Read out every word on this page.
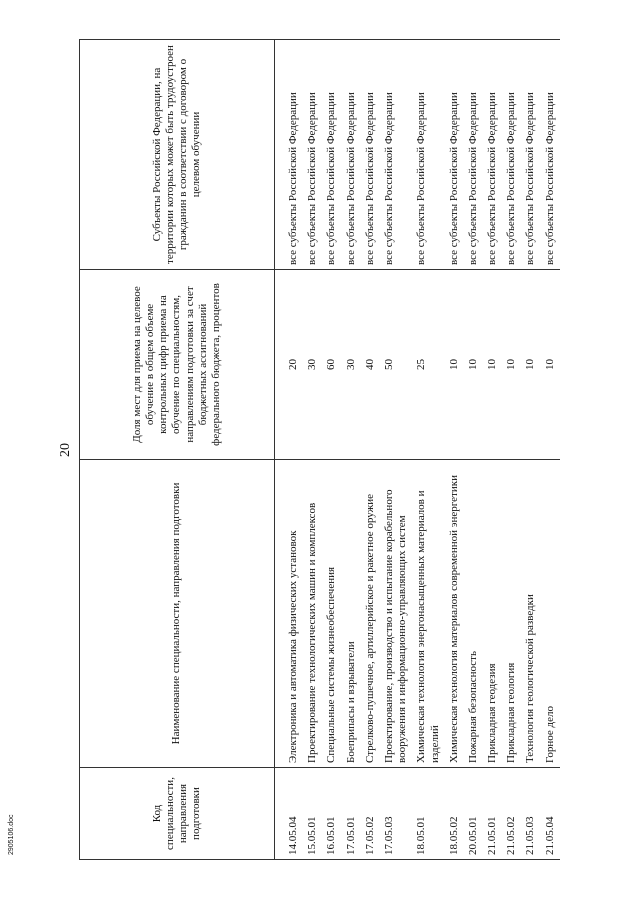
20
Код специальности, направления подготовки	Наименование специальности, направления подготовки	Доля мест для приема на целевое обучение в общем объеме контрольных цифр приема на обучение по специальностям, направлениям подготовки за счет бюджетных ассигнований федерального бюджета, процентов	Субъекты Российской Федерации, на территории которых может быть трудоустроен гражданин в соответствии с договором о целевом обучении
14.05.04	Электроника и автоматика физических установок	20	все субъекты Российской Федерации
15.05.01	Проектирование технологических машин и комплексов	30	все субъекты Российской Федерации
16.05.01	Специальные системы жизнеобеспечения	60	все субъекты Российской Федерации
17.05.01	Боеприпасы и взрыватели	30	все субъекты Российской Федерации
17.05.02	Стрелково-пушечное, артиллерийское и ракетное оружие	40	все субъекты Российской Федерации
17.05.03	Проектирование, производство и испытание корабельного вооружения и информационно-управляющих систем	50	все субъекты Российской Федерации
18.05.01	Химическая технология энергонасыщенных материалов и изделий	25	все субъекты Российской Федерации
18.05.02	Химическая технология материалов современной энергетики	10	все субъекты Российской Федерации
20.05.01	Пожарная безопасность	10	все субъекты Российской Федерации
21.05.01	Прикладная геодезия	10	все субъекты Российской Федерации
21.05.02	Прикладная геология	10	все субъекты Российской Федерации
21.05.03	Технология геологической разведки	10	все субъекты Российской Федерации
21.05.04	Горное дело	10	все субъекты Российской Федерации
2905106.doc
